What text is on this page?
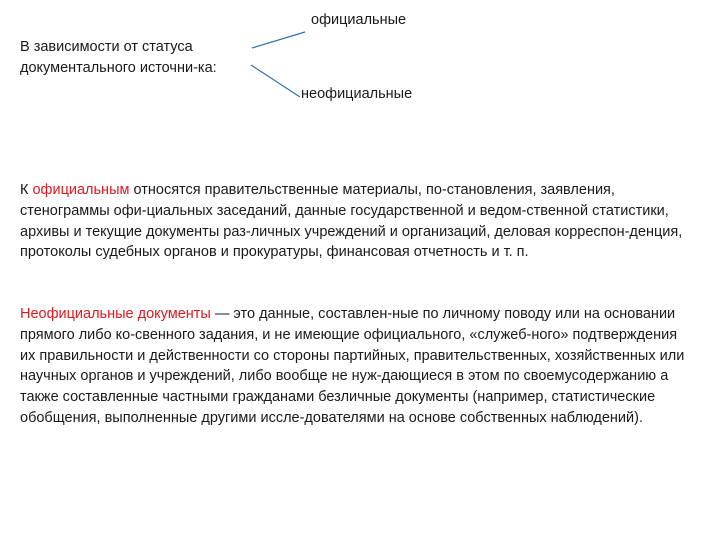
В зависимости от статуса документального источни-ка:
официальные
неофициальные

К официальным относятся правительственные материалы, по-становления, заявления, стенограммы офи-циальных заседаний, данные государственной и ведом-ственной статистики, архивы и текущие документы раз-личных учреждений и организаций, деловая корреспон-денция, протоколы судебных органов и прокуратуры, финансовая отчетность и т. п.

Неофициальные документы — это данные, составлен-ные по личному поводу или на основании прямого либо ко-свенного задания, и не имеющие официального, «служеб-ного» подтверждения их правильности и действенности со стороны партийных, правительственных, хозяйственных или научных органов и учреждений, либо вообще не нуж-дающиеся в этом по своемусодержанию а также составленные частными гражданами безличные документы (например, статистические обобщения, выполненные другими иссле-дователями на основе собственных наблюдений).
